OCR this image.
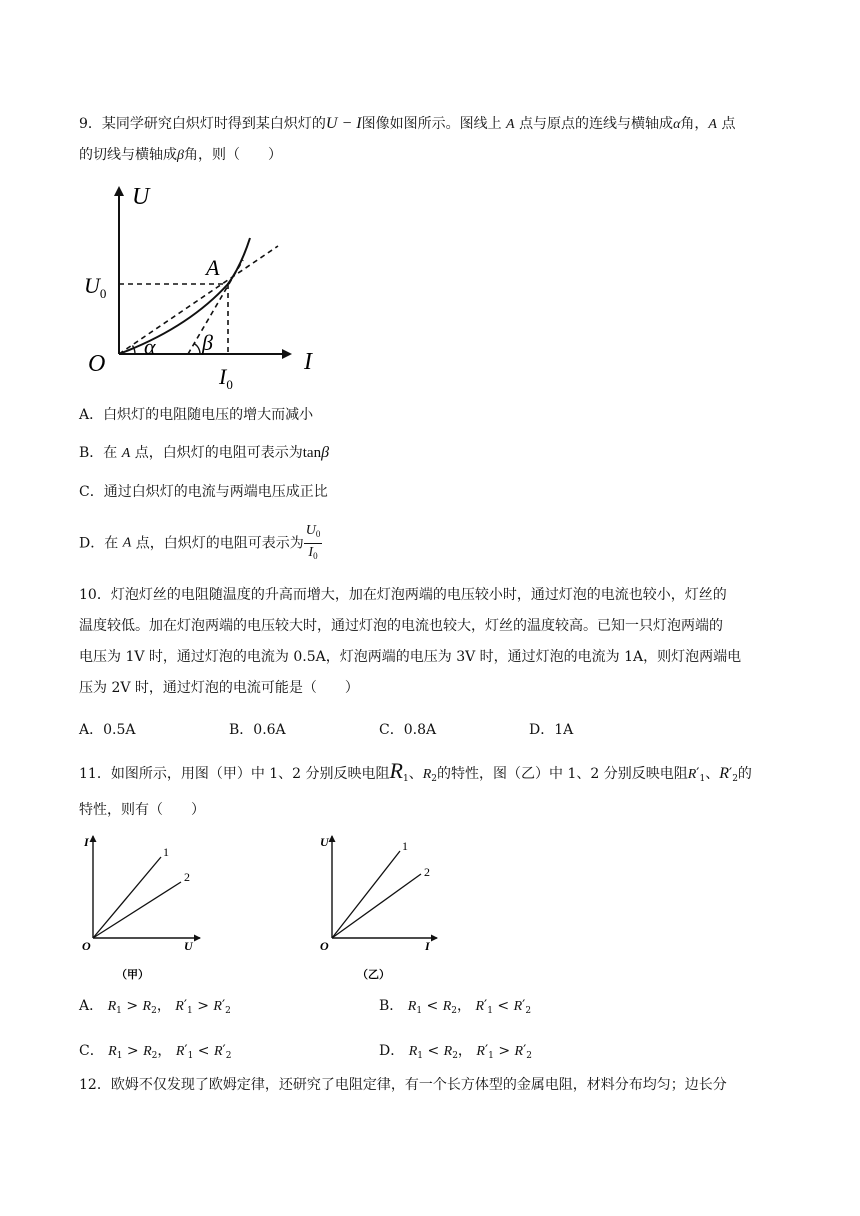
9．某同学研究白炽灯时得到某白炽灯的U − I图像如图所示。图线上 A 点与原点的连线与横轴成α角，A 点
的切线与横轴成β角，则（　　）
U
I
O
A
$U_0$
$I_0$
α β
A．白炽灯的电阻随电压的增大而减小
B．在 A 点，白炽灯的电阻可表示为tanβ
C．通过白炽灯的电流与两端电压成正比
D．在 A 点，白炽灯的电阻可表示为 $\frac{U_0}{I_0}$
10．灯泡灯丝的电阻随温度的升高而增大，加在灯泡两端的电压较小时，通过灯泡的电流也较小，灯丝的
温度较低。加在灯泡两端的电压较大时，通过灯泡的电流也较大，灯丝的温度较高。已知一只灯泡两端的
电压为 1V 时，通过灯泡的电流为 0.5A，灯泡两端的电压为 3V 时，通过灯泡的电流为 1A，则灯泡两端电
压为 2V 时，通过灯泡的电流可能是（　　）
A．0.5A	B．0.6A	C．0.8A	D．1A
11．如图所示，用图（甲）中 1、2 分别反映电阻$R_1$、$R_2$的特性，图（乙）中 1、2 分别反映电阻$R'_1$、$R'_2$的
特性，则有（　　）
I
U
O
1
2
（甲）
U
I
O
1
2
（乙）
A． $R_1 > R_2$， $R'_1 > R'_2$	B． $R_1 < R_2$， $R'_1 < R'_2$
C． $R_1 > R_2$， $R'_1 < R'_2$	D． $R_1 < R_2$， $R'_1 > R'_2$
12．欧姆不仅发现了欧姆定律，还研究了电阻定律，有一个长方体型的金属电阻，材料分布均匀；边长分
